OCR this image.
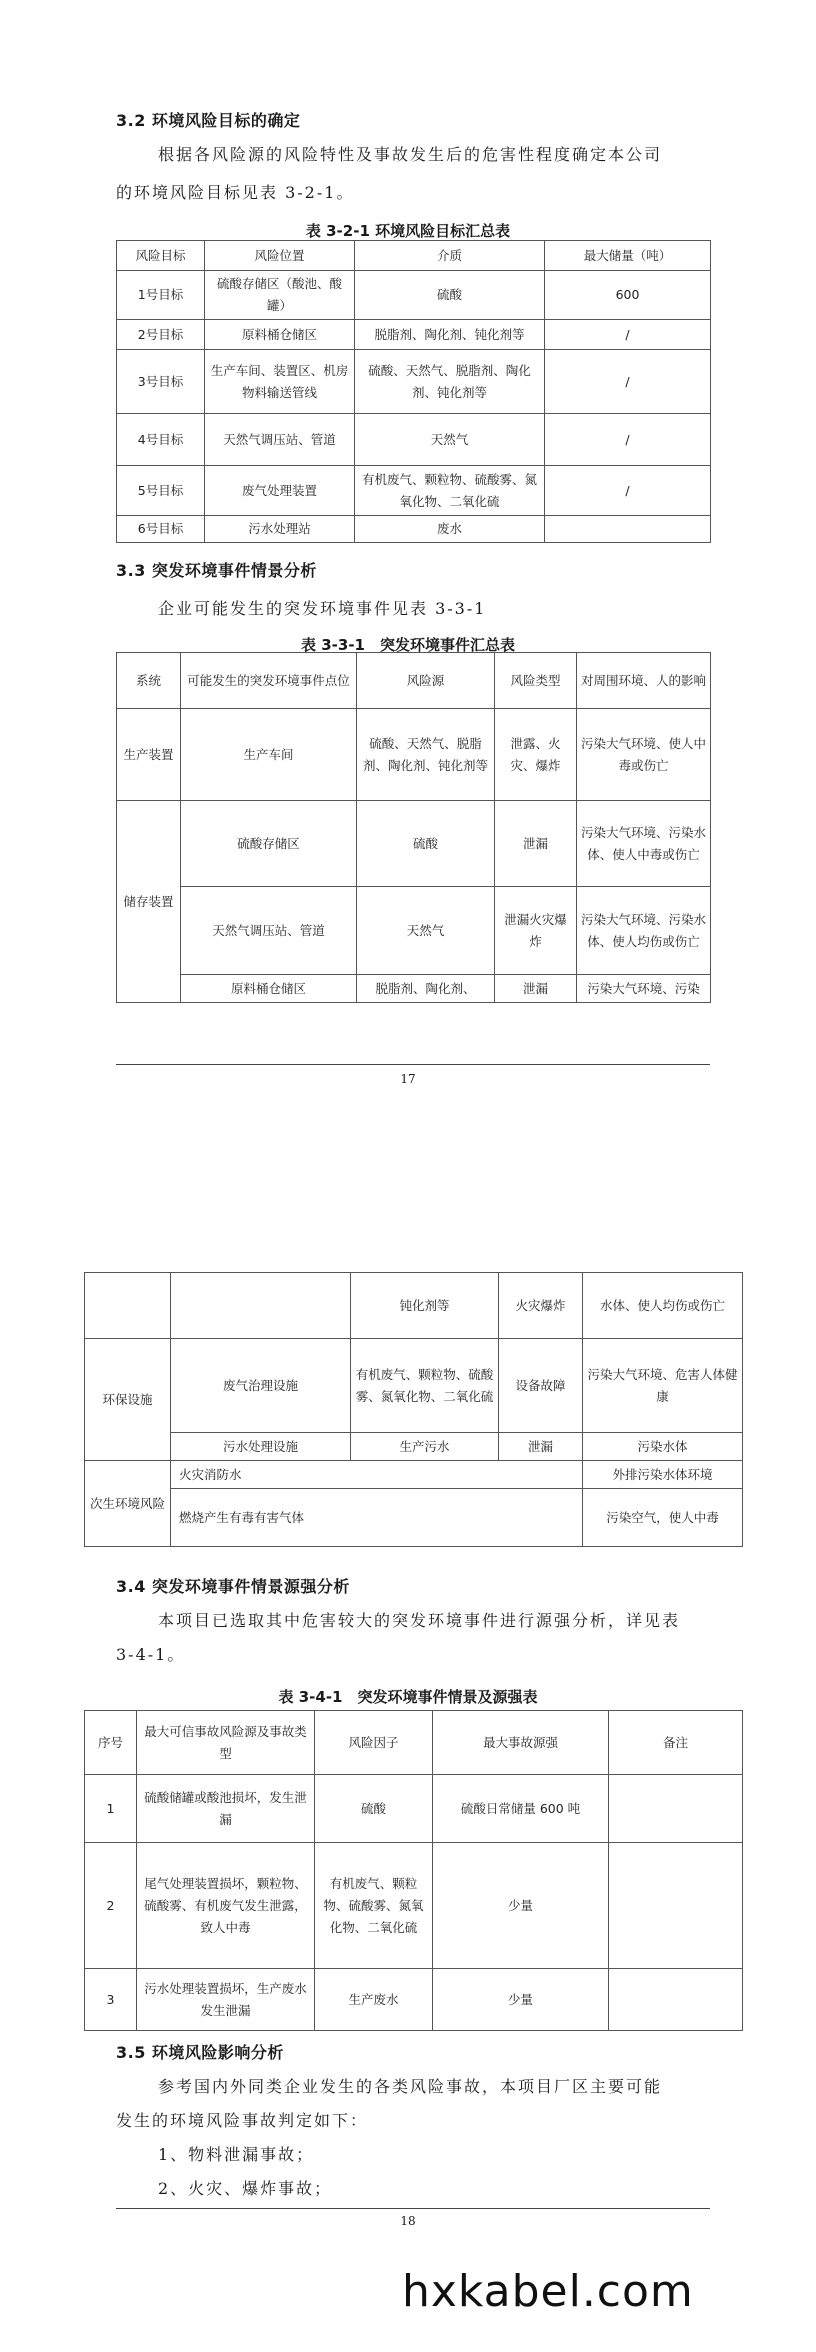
3.2 环境风险目标的确定
根据各风险源的风险特性及事故发生后的危害性程度确定本公司
的环境风险目标见表 3-2-1。
表 3-2-1 环境风险目标汇总表
风险目标	风险位置	介质	最大储量（吨）
1号目标	硫酸存储区（酸池、酸罐）	硫酸	600
2号目标	原料桶仓储区	脱脂剂、陶化剂、钝化剂等	/
3号目标	生产车间、装置区、机房物料输送管线	硫酸、天然气、脱脂剂、陶化剂、钝化剂等	/
4号目标	天然气调压站、管道	天然气	/
5号目标	废气处理装置	有机废气、颗粒物、硫酸雾、氮氧化物、二氧化硫	/
6号目标	污水处理站	废水	
3.3 突发环境事件情景分析
企业可能发生的突发环境事件见表 3-3-1
表 3-3-1　突发环境事件汇总表
系统	可能发生的突发环境事件点位	风险源	风险类型	对周围环境、人的影响
生产装置	生产车间	硫酸、天然气、脱脂剂、陶化剂、钝化剂等	泄露、火灾、爆炸	污染大气环境、使人中毒或伤亡
储存装置	硫酸存储区	硫酸	泄漏	污染大气环境、污染水体、使人中毒或伤亡
	天然气调压站、管道	天然气	泄漏火灾爆炸	污染大气环境、污染水体、使人均伤或伤亡
	原料桶仓储区	脱脂剂、陶化剂、	泄漏	污染大气环境、污染
17
		钝化剂等	火灾爆炸	水体、使人均伤或伤亡
环保设施	废气治理设施	有机废气、颗粒物、硫酸雾、氮氧化物、二氧化硫	设备故障	污染大气环境、危害人体健康
	污水处理设施	生产污水	泄漏	污染水体
次生环境风险	火灾消防水			外排污染水体环境
	燃烧产生有毒有害气体			污染空气，使人中毒
3.4 突发环境事件情景源强分析
本项目已选取其中危害较大的突发环境事件进行源强分析，详见表
3-4-1。
表 3-4-1　突发环境事件情景及源强表
序号	最大可信事故风险源及事故类型	风险因子	最大事故源强	备注
1	硫酸储罐或酸池损坏，发生泄漏	硫酸	硫酸日常储量 600 吨	
2	尾气处理装置损坏，颗粒物、硫酸雾、有机废气发生泄露，致人中毒	有机废气、颗粒物、硫酸雾、氮氧化物、二氧化硫	少量	
3	污水处理装置损坏，生产废水发生泄漏	生产废水	少量	
3.5 环境风险影响分析
参考国内外同类企业发生的各类风险事故，本项目厂区主要可能
发生的环境风险事故判定如下：
1、物料泄漏事故；
2、火灾、爆炸事故；
18
hxkabel.com
